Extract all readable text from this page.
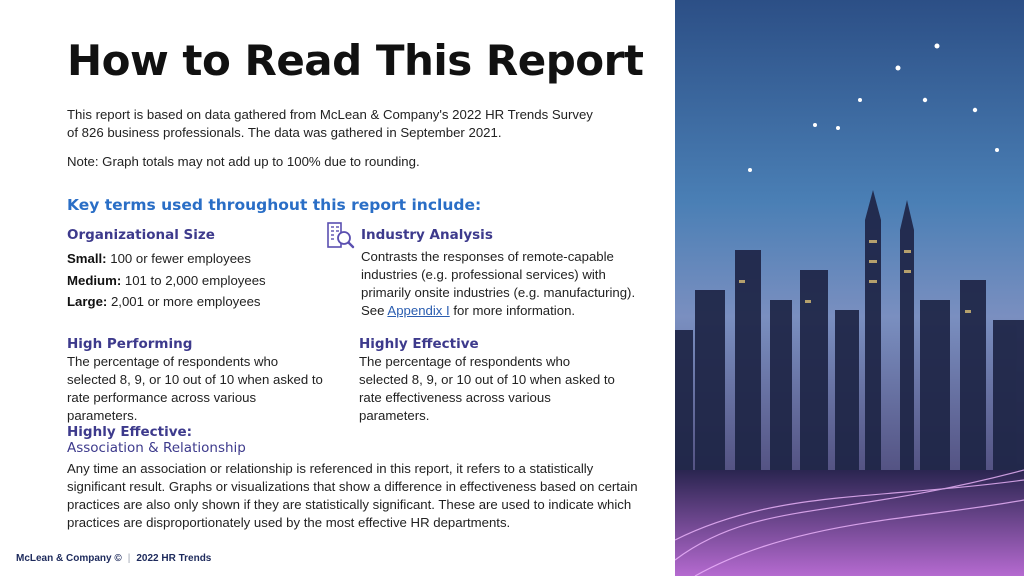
How to Read This Report
This report is based on data gathered from McLean & Company's 2022 HR Trends Survey of 826 business professionals. The data was gathered in September 2021.
Note: Graph totals may not add up to 100% due to rounding.
Key terms used throughout this report include:
Organizational Size
Small: 100 or fewer employees
Medium: 101 to 2,000 employees
Large: 2,001 or more employees
Industry Analysis
Contrasts the responses of remote-capable industries (e.g. professional services) with primarily onsite industries (e.g. manufacturing).
See Appendix I for more information.
High Performing
The percentage of respondents who selected 8, 9, or 10 out of 10 when asked to rate performance across various parameters.
Highly Effective
The percentage of respondents who selected 8, 9, or 10 out of 10 when asked to rate effectiveness across various parameters.
Highly Effective:
Association & Relationship
Any time an association or relationship is referenced in this report, it refers to a statistically significant result. Graphs or visualizations that show a difference in effectiveness based on certain practices are also only shown if they are statistically significant. These are used to indicate which practices are disproportionately used by the most effective HR departments.
McLean & Company © | 2022 HR Trends
